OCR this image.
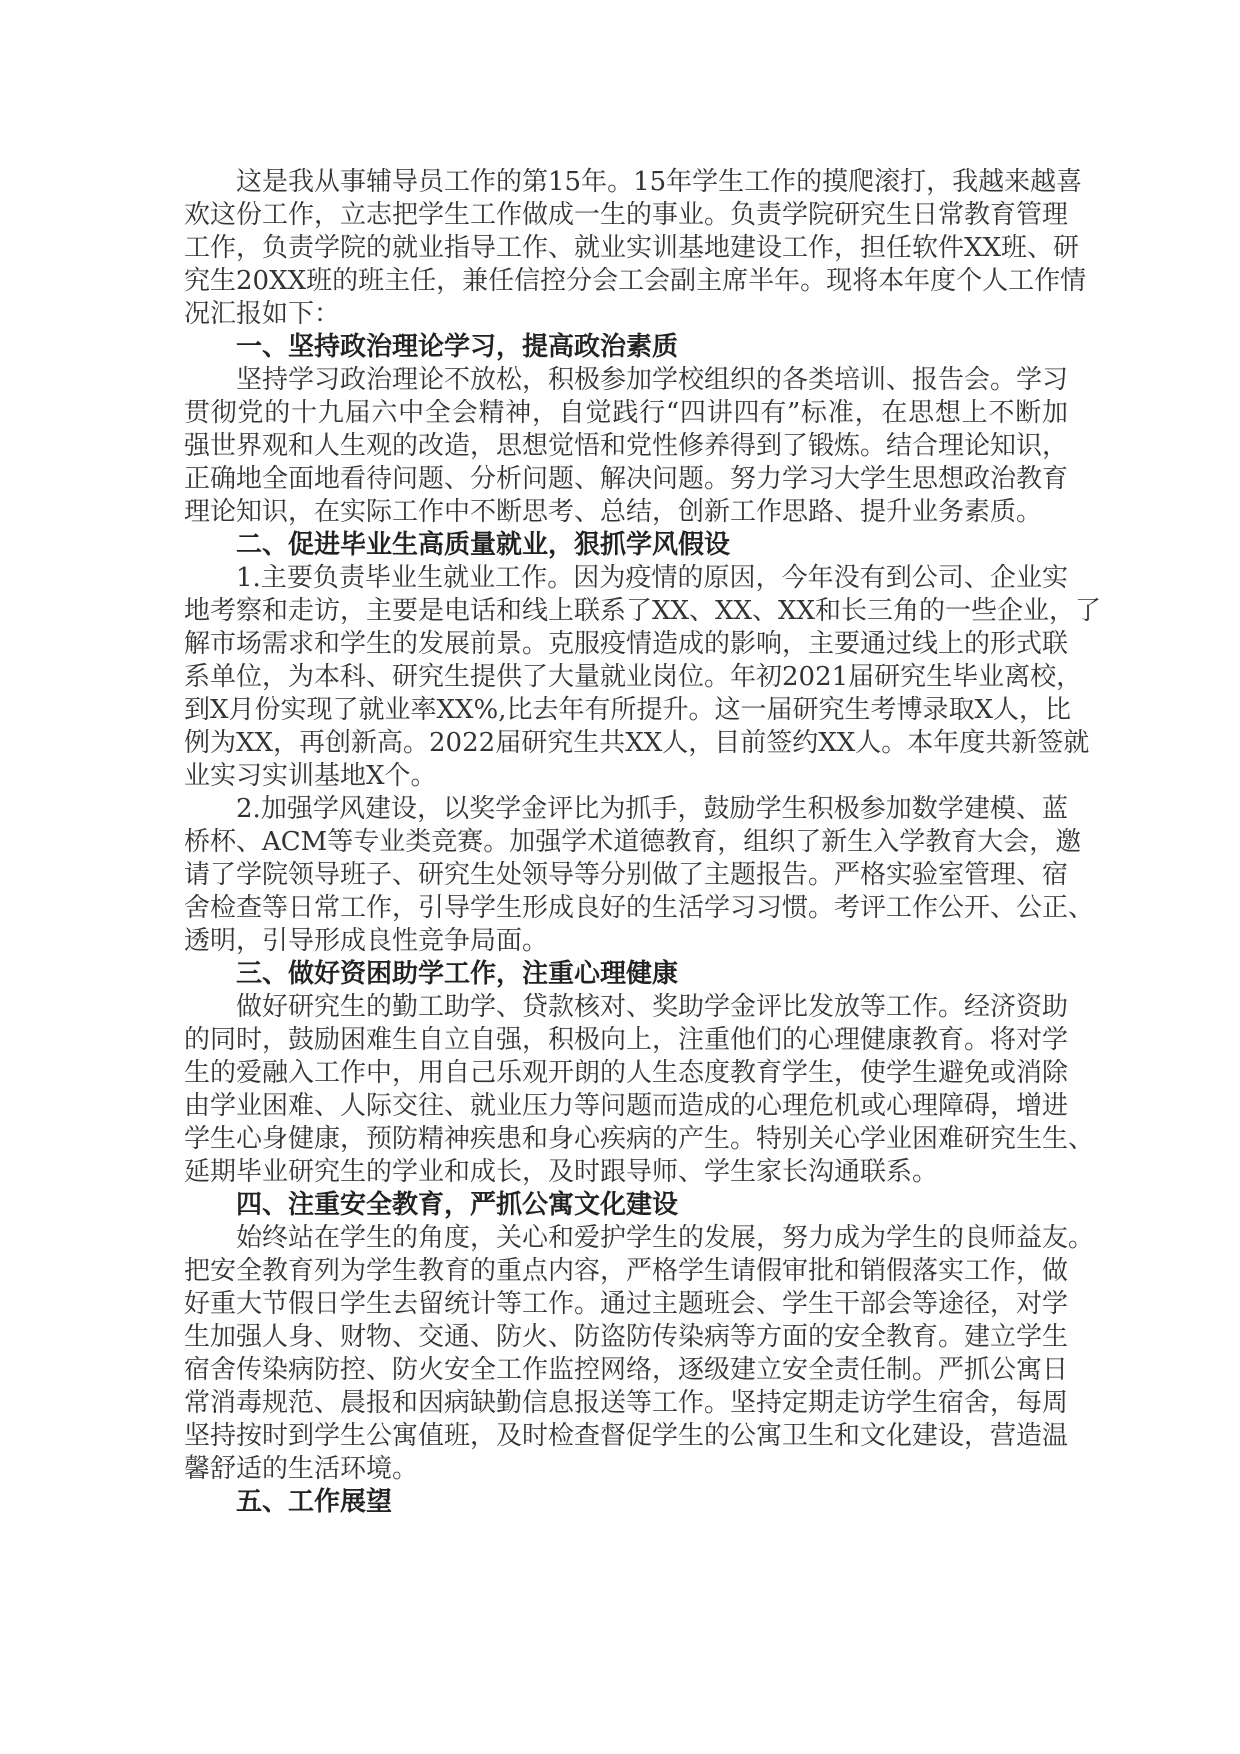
这是我从事辅导员工作的第15年。15年学生工作的摸爬滚打，我越来越喜
欢这份工作，立志把学生工作做成一生的事业。负责学院研究生日常教育管理
工作，负责学院的就业指导工作、就业实训基地建设工作，担任软件XX班、研
究生20XX班的班主任，兼任信控分会工会副主席半年。现将本年度个人工作情
况汇报如下：
一、坚持政治理论学习，提高政治素质
坚持学习政治理论不放松，积极参加学校组织的各类培训、报告会。学习
贯彻党的十九届六中全会精神，自觉践行“四讲四有”标准，在思想上不断加
强世界观和人生观的改造，思想觉悟和党性修养得到了锻炼。结合理论知识，
正确地全面地看待问题、分析问题、解决问题。努力学习大学生思想政治教育
理论知识，在实际工作中不断思考、总结，创新工作思路、提升业务素质。
二、促进毕业生高质量就业，狠抓学风假设
1.主要负责毕业生就业工作。因为疫情的原因，今年没有到公司、企业实
地考察和走访，主要是电话和线上联系了XX、XX、XX和长三角的一些企业，了
解市场需求和学生的发展前景。克服疫情造成的影响，主要通过线上的形式联
系单位，为本科、研究生提供了大量就业岗位。年初2021届研究生毕业离校，
到X月份实现了就业率XX%,比去年有所提升。这一届研究生考博录取X人，比
例为XX，再创新高。2022届研究生共XX人，目前签约XX人。本年度共新签就
业实习实训基地X个。
2.加强学风建设，以奖学金评比为抓手，鼓励学生积极参加数学建模、蓝
桥杯、ACM等专业类竞赛。加强学术道德教育，组织了新生入学教育大会，邀
请了学院领导班子、研究生处领导等分别做了主题报告。严格实验室管理、宿
舍检查等日常工作，引导学生形成良好的生活学习习惯。考评工作公开、公正、
透明，引导形成良性竞争局面。
三、做好资困助学工作，注重心理健康
做好研究生的勤工助学、贷款核对、奖助学金评比发放等工作。经济资助
的同时，鼓励困难生自立自强，积极向上，注重他们的心理健康教育。将对学
生的爱融入工作中，用自己乐观开朗的人生态度教育学生，使学生避免或消除
由学业困难、人际交往、就业压力等问题而造成的心理危机或心理障碍，增进
学生心身健康，预防精神疾患和身心疾病的产生。特别关心学业困难研究生生、
延期毕业研究生的学业和成长，及时跟导师、学生家长沟通联系。
四、注重安全教育，严抓公寓文化建设
始终站在学生的角度，关心和爱护学生的发展，努力成为学生的良师益友。
把安全教育列为学生教育的重点内容，严格学生请假审批和销假落实工作，做
好重大节假日学生去留统计等工作。通过主题班会、学生干部会等途径，对学
生加强人身、财物、交通、防火、防盗防传染病等方面的安全教育。建立学生
宿舍传染病防控、防火安全工作监控网络，逐级建立安全责任制。严抓公寓日
常消毒规范、晨报和因病缺勤信息报送等工作。坚持定期走访学生宿舍，每周
坚持按时到学生公寓值班，及时检查督促学生的公寓卫生和文化建设，营造温
馨舒适的生活环境。
五、工作展望
